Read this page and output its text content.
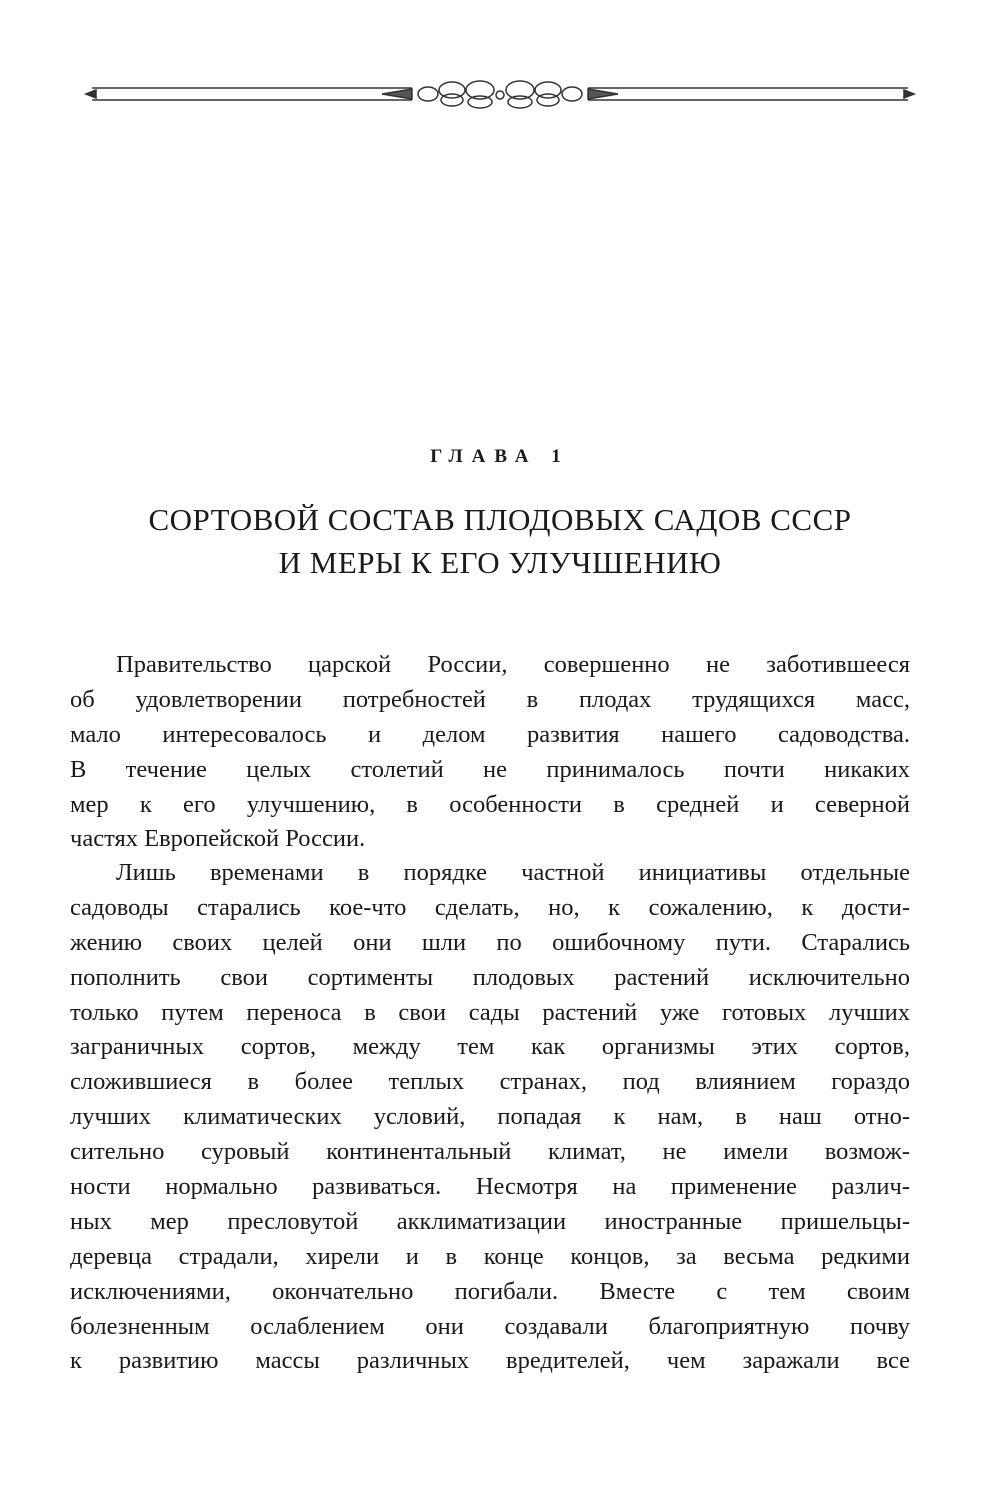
ГЛАВА 1
СОРТОВОЙ СОСТАВ ПЛОДОВЫХ САДОВ СССР
И МЕРЫ К ЕГО УЛУЧШЕНИЮ
Правительство царской России, совершенно не заботившееся
об удовлетворении потребностей в плодах трудящихся масс,
мало интересовалось и делом развития нашего садоводства.
В течение целых столетий не принималось почти никаких
мер к его улучшению, в особенности в средней и северной
частях Европейской России.
Лишь временами в порядке частной инициативы отдельные
садоводы старались кое-что сделать, но, к сожалению, к дости-
жению своих целей они шли по ошибочному пути. Старались
пополнить свои сортименты плодовых растений исключительно
только путем переноса в свои сады растений уже готовых лучших
заграничных сортов, между тем как организмы этих сортов,
сложившиеся в более теплых странах, под влиянием гораздо
лучших климатических условий, попадая к нам, в наш отно-
сительно суровый континентальный климат, не имели возмож-
ности нормально развиваться. Несмотря на применение различ-
ных мер пресловутой акклиматизации иностранные пришельцы-
деревца страдали, хирели и в конце концов, за весьма редкими
исключениями, окончательно погибали. Вместе с тем своим
болезненным ослаблением они создавали благоприятную почву
к развитию массы различных вредителей, чем заражали все
